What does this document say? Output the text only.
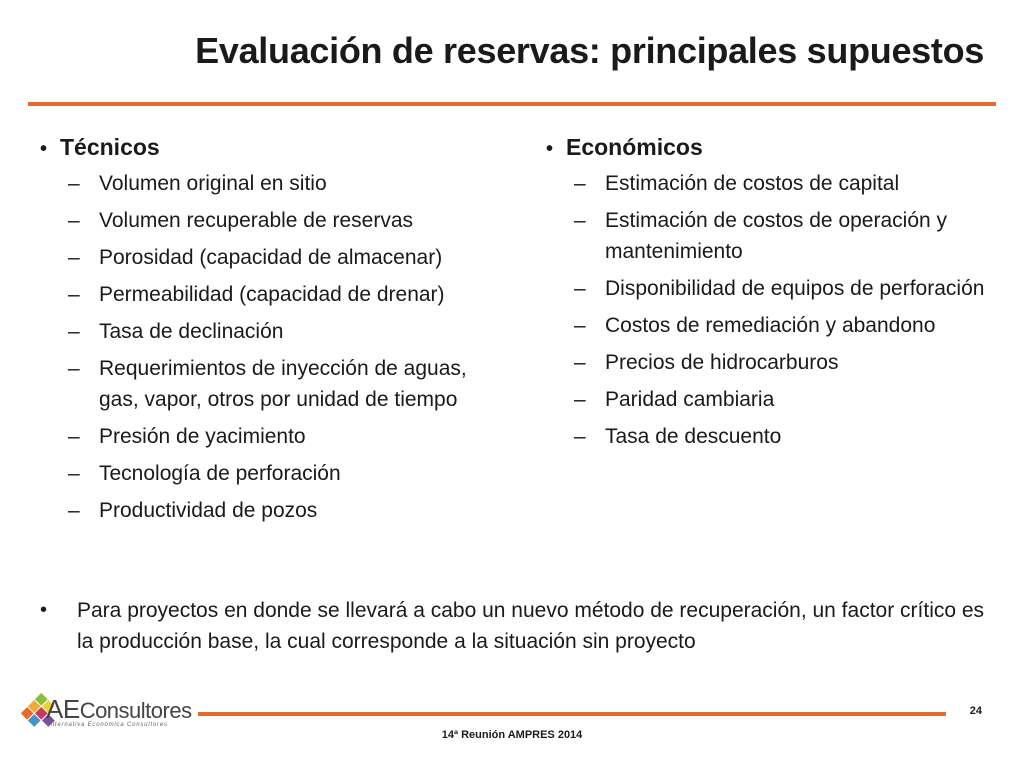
Evaluación de reservas: principales supuestos
• Técnicos
– Volumen original en sitio
– Volumen recuperable de reservas
– Porosidad (capacidad de almacenar)
– Permeabilidad (capacidad de drenar)
– Tasa de declinación
– Requerimientos de inyección de aguas, gas, vapor, otros por unidad de tiempo
– Presión de yacimiento
– Tecnología de perforación
– Productividad de pozos
• Económicos
– Estimación de costos de capital
– Estimación de costos de operación y mantenimiento
– Disponibilidad de equipos de perforación
– Costos de remediación y abandono
– Precios de hidrocarburos
– Paridad cambiaria
– Tasa de descuento
•	Para proyectos en donde se llevará a cabo un nuevo método de recuperación, un factor crítico es la producción base, la cual corresponde a la situación sin proyecto
AEConsultores
Alternativa Económica Consultores
24
14ª Reunión AMPRES 2014
